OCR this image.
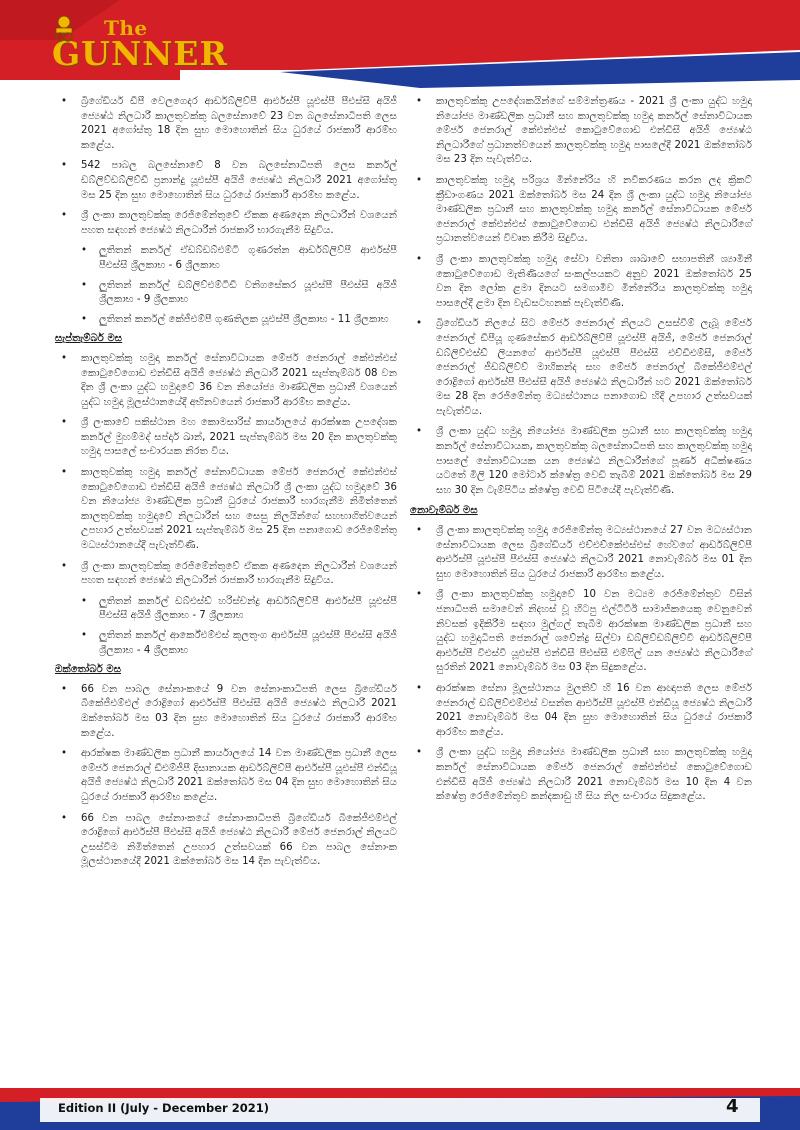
The
GUNNER
• බ්‍රිගේඩියර් ඩීපී වෙලගෙදර ආර්ඩබ්ලිව්පී ආර්එස්පී යූඑස්පී පීඑස්සී අයිජී ජ්‍යෙෂ්ඨ නිලධාරී කාලතුවක්කු බලසේනාවේ 23 වන බලසේනාධිපති ලෙස 2021 අගෝස්තු 18 දින සුභ මොහොතින් සිය ධුරයේ රාජකාරී ආරම්භ කළේය.
• 542 පාබල බලසේනාවේ 8 වන බලසේනාධිපති ලෙස කර්නල් ඩබ්ලිව්ඩබ්ලිව්ඩී ප්‍රනාන්දු යූඑස්පී අයිජී ජ්‍යෙෂ්ඨ නිලධාරී 2021 අගෝස්තු මස 25 දින සුභ මොහොතින් සිය ධුරයේ රාජකාරී ආරම්භ කළේය.
• ශ්‍රී ලංකා කාලතුවක්කු රෙජිමේන්තුවේ ඒකක අණදෙන නිලධාරීන් වශයෙන් පහත සඳහන් ජ්‍යෙෂ්ඨ නිලධාරීන් රාජකාරි භාරගැනීම සිදුවිය.
• ලුතිතන් කර්නල් ඒඩබ්ඩබ්එම්ටී ගුණරත්න ආර්ඩබ්ලිව්පී ආර්එස්පී පීඑස්සී ශ්‍රීලකාභ - 6 ශ්‍රීලකාභ
• ලුතිතන් කර්නල් ඩබ්ලිව්එම්ටීඩී වනිගසේකර යූඑස්පී පීඑස්සී අයිජී ශ්‍රීලකාභ - 9 ශ්‍රීලකාභ
• ලුතිතන් කර්නල් කේජීඑම්පී ගුණතිලක යූඑස්පී ශ්‍රීලකාභ - 11 ශ්‍රීලකාභ
සැප්තැම්බර් මස
• කාලතුවක්කු හමුදා කර්නල් සේනාවිධායක මේජර් ජෙනරාල් කේඑන්එස් කොටුවේගොඩ එන්ඩීසී අයිජී ජ්‍යෙෂ්ඨ නිලධාරී 2021 සැප්තැම්බර් 08 වන දින ශ්‍රී ලංකා යුද්ධ හමුදාවේ 36 වන නියෝජ්‍ය මාණ්ඩලික ප්‍රධානී වශයෙන් යුද්ධ හමුදා මූලස්ථානයේදී අභිනවයෙන් රාජකාරී ආරම්භ කළේය.
• ශ්‍රී ලංකාවේ පකිස්ථාන මහ කොමසාරිස් කාර්යාලයේ ආරක්ෂක උපදේශක කර්නල් මුහම්මද් සප්දාර් ඛාන්, 2021 සැප්තැම්බර් මස 20 දින කාලතුවක්කු හමුදා පාසලේ සංචාරයක නිරත විය.
• කාලතුවක්කු හමුදා කර්නල් සේනාවිධායක මේජර් ජෙනරාල් කේඑන්එස් කොටුවේගොඩ එන්ඩීසී අයිජී ජ්‍යෙෂ්ඨ නිලධාරී ශ්‍රී ලංකා යුද්ධ හමුදාවේ 36 වන නියෝජ්‍ය මාණ්ඩලික ප්‍රධානී ධුරයේ රාජකාරී භාරගැනීම නිමිත්තෙන් කාලතුවක්කු හමුදාවේ නිලධාරීන් සහ සෙසු නිලයින්ගේ සහභාගිත්වයෙන් උපහාර උත්සවයක් 2021 සැප්තැම්බර් මස 25 දින පනාගොඩ රෙජිමේන්තු මධ්‍යස්ථානයේදී පැවැත්විණි.
• ශ්‍රී ලංකා කාලතුවක්කු රෙජිමේන්තුවේ ඒකක අණදෙන නිලධාරීන් වශයෙන් පහත සඳහන් ජ්‍යෙෂ්ඨ නිලධාරීන් රාජකාරී භාරගැනීම සිදුවිය.
• ලුතිතන් කර්නල් ඩබ්එස්ඩ් හරිස්චන්ද්‍ර ආර්ඩබ්ලිව්පී ආර්එස්පී යූඑස්පී පීඑස්සී අයිජී ශ්‍රීලකාභ - 7 ශ්‍රීලකාභ
• ලුතිතන් කර්නල් ආර්කේඑම්එස් කුලතුංග ආර්එස්පී යූඑස්පී පීඑස්සී අයිජී ශ්‍රීලකාභ - 4 ශ්‍රීලකාභ
ඔක්තෝබර් මස
• 66 වන පාබල සේනාංකයේ 9 වන සේනාංකාධිපති ලෙස බ්‍රිගේඩියර් බීකේජීඑම්එල් රොද්‍රිගෝ ආර්එස්පී පීඑස්සී අයිජී ජ්‍යෙෂ්ඨ නිලධාරී 2021 ඔක්තෝබර් මස 03 දින සුභ මොහොතින් සිය ධුරයේ රාජකාරී ආරම්භ කළේය.
• ආරක්ෂක මාණ්ඩලික ප්‍රධානී කාර්යාලයේ 14 වන මාණ්ඩලික ප්‍රධානී ලෙස මේජර් ජෙනරාල් ඩීඑම්ජීපී දිසානායක ආර්ඩබ්ලිව්පී ආර්එස්පී යූඑස්පී එන්ඩීයූ අයිජී ජ්‍යෙෂ්ඨ නිලධාරී 2021 ඔක්තෝබර් මස 04 දින සුභ මොහොතින් සිය ධුරයේ රාජකාරී ආරම්භ කළේය.
• 66 වන පාබල සේනාංකයේ සේනාංකාධිපති බ්‍රිගේඩියර් බීකේජීඑම්එල් රොද්‍රිගෝ ආර්එස්පී පීඑස්සී අයිජී ජ්‍යෙෂ්ඨ නිලධාරී මේජර් ජෙනරාල් නිලයට උසස්වීම නිමිත්තෙන් උපහාර උත්සවයක් 66 වන පාබල සේනාංක මූලස්ථානයේදී 2021 ඔක්තෝබර් මස 14 දින පැවැත්විය.
• කාලතුවක්කු උපදේශකයින්ගේ සම්මන්ත්‍රණය - 2021 ශ්‍රී ලංකා යුද්ධ හමුදා නියෝජ්‍ය මාණ්ඩලික ප්‍රධානී සහ කාලතුවක්කු හමුදා කර්නල් සේනාවිධායක මේජර් ජෙනරාල් කේඑන්එස් කොටුවේගොඩ එන්ඩීසී අයිජී ජ්‍යෙෂ්ඨ නිලධාරීගේ ප්‍රධානත්වයෙන් කාලතුවක්කු හමුදා පාසලේදී 2021 ඔක්තෝබර් මස 23 දින පැවැත්විය.
• කාලතුවක්කු හමුදා පරිශ්‍රය මින්නේරිය හි නවීකරණය කරන ලද ක්‍රිකට් ක්‍රීඩාංගණය 2021 ඔක්තෝබර් මස 24 දින ශ්‍රී ලංකා යුද්ධ හමුදා නියෝජ්‍ය මාණ්ඩලික ප්‍රධානී සහ කාලතුවක්කු හමුදා කර්නල් සේනාවිධායක මේජර් ජෙනරාල් කේඑන්එස් කොටුවේගොඩ එන්ඩීසී අයිජී ජ්‍යෙෂ්ඨ නිලධාරීගේ ප්‍රධානත්වයෙන් විවෘත කිරීම සිදුවිය.
• ශ්‍රී ලංකා කාලතුවක්කු හමුදා සේවා වනිතා ශාඛාවේ සභාපතිනී ශ්‍යාමිනී කොටුවේගොඩ මැතිණියගේ සංකල්පයකට අනුව 2021 ඔක්තෝබර් 25 වන දින ලෝක ළමා දිනයට සමගාමීව මින්නේරිය කාලතුවක්කු හමුදා පාසලේදී ළමා දින වැඩසටහනක් පැවැත්විණි.
• බ්‍රිගේඩියර් නිලයේ සිට මේජර් ජෙනරාල් නිලයට උසස්වීම් ලැබූ මේජර් ජෙනරාල් ඩීපීයූ ගුණසේකර ආර්ඩබ්ලිව්පී යූඑස්පී අයිජී, මේජර් ජෙනරාල් ඩබ්ලිව්එස්ඩ් ලියනගේ ආර්එස්පී යූඑස්පී පීඑස්සී එච්ඩීඑම්සී, මේජර් ජෙනරාල් ජීඩබ්ලිව්ව් මාහිකන්ද සහ මේජර් ජෙනරාල් බීකේජීඑම්එල් රොද්‍රිගෝ ආර්එස්පී පීඑස්සී අයිජී ජ්‍යෙෂ්ඨ නිලධාරීන් හට 2021 ඔක්තෝබර් මස 28 දින රෙජිමේන්තු මධ්‍යස්ථානය පනාගොඩ හිදී උපහාර උත්සවයක් පැවැත්විය.
• ශ්‍රී ලංකා යුද්ධ හමුදා නියෝජ්‍ය මාණ්ඩලික ප්‍රධානී සහ කාලතුවක්කු හමුදා කර්නල් සේනාවිධායක, කාලතුවක්කු බලසේනාධිපති සහ කාලතුවක්කු හමුදා පාසලේ සේනාවිධායක යන ජ්‍යෙෂ්ඨ නිලධාරීන්ගේ පූර්ණ අධීක්ෂණය යටතේ මිලි 120 මෝටාර් ක්ෂේත්‍ර වෙඩි තැබීම් 2021 ඔක්තෝබර් මස 29 සහ 30 දින ටැම්පිටිය ක්ෂේත්‍ර වෙඩි පිටියේදී පැවැත්විණි.
නොවැම්බර් මස
• ශ්‍රී ලංකා කාලතුවක්කු හමුදා රෙජිමේන්තු මධ්‍යස්ථානයේ 27 වන මධ්‍යස්ථාන සේනාවිධායක ලෙස බ්‍රිගේඩියර් එච්එච්කේඑස්එස් හේවගේ ආර්ඩබ්ලිව්පී ආර්එස්පී යූඑස්පී පීඑස්සී ජ්‍යෙෂ්ඨ නිලධාරී 2021 නොවැම්බර් මස 01 දින සුභ මොහොතින් සිය ධුරයේ රාජකාරී ආරම්භ කළේය.
• ශ්‍රී ලංකා කාලතුවක්කු හමුදාවේ 10 වන මධ්‍යම රෙජිමේන්තුව විසින් ජනාධිපති සමාවෙන් නිදහස් වූ හිටපු එල්ටීටීඊ සාමාජිකයෙකු වෙනුවෙන් නිවසක් ඉදිකිරීම සඳහා මුල්ගල් තැබීම ආරක්ෂක මාණ්ඩලික ප්‍රධානී සහ යුද්ධ හමුදාධිපති ජෙනරාල් ශවේන්ද්‍ර සිල්වා ඩබ්ලිව්ඩබ්ලිව්වී ආර්ඩබ්ලිව්පී ආර්එස්පී වීඑස්වී යූඑස්පී එන්ඩීසී පීඑස්සී එම්ෆිල් යන ජ්‍යෙෂ්ඨ නිලධාරීගේ සුරතින් 2021 නොවැම්බර් මස 03 දින සිදුකළේය.
• ආරක්ෂක සේනා මූලස්ථානය මුලතිව් හි 16 වන ආඥාපති ලෙස මේජර් ජෙනරාල් ඩබ්ලිව්එම්එස් වසන්ත ආර්එස්පී යූඑස්පී එන්ඩීයූ ජ්‍යෙෂ්ඨ නිලධාරී 2021 නොවැම්බර් මස 04 දින සුභ මොහොතින් සිය ධුරයේ රාජකාරී ආරම්භ කළේය.
• ශ්‍රී ලංකා යුද්ධ හමුදා නියෝජ්‍ය මාණ්ඩලික ප්‍රධානී සහ කාලතුවක්කු හමුදා කර්නල් සේනාවිධායක මේජර් ජෙනරාල් කේඑන්එස් කොටුවේගොඩ එන්ඩීසී අයිජී ජ්‍යෙෂ්ඨ නිලධාරී 2021 නොවැම්බර් මස 10 දින 4 වන ක්ෂේත්‍ර රෙජිමේන්තුව කන්දකාඩු හි සිය නිල සංචාරය සිදුකළේය.
Edition II (July - December 2021)	4
